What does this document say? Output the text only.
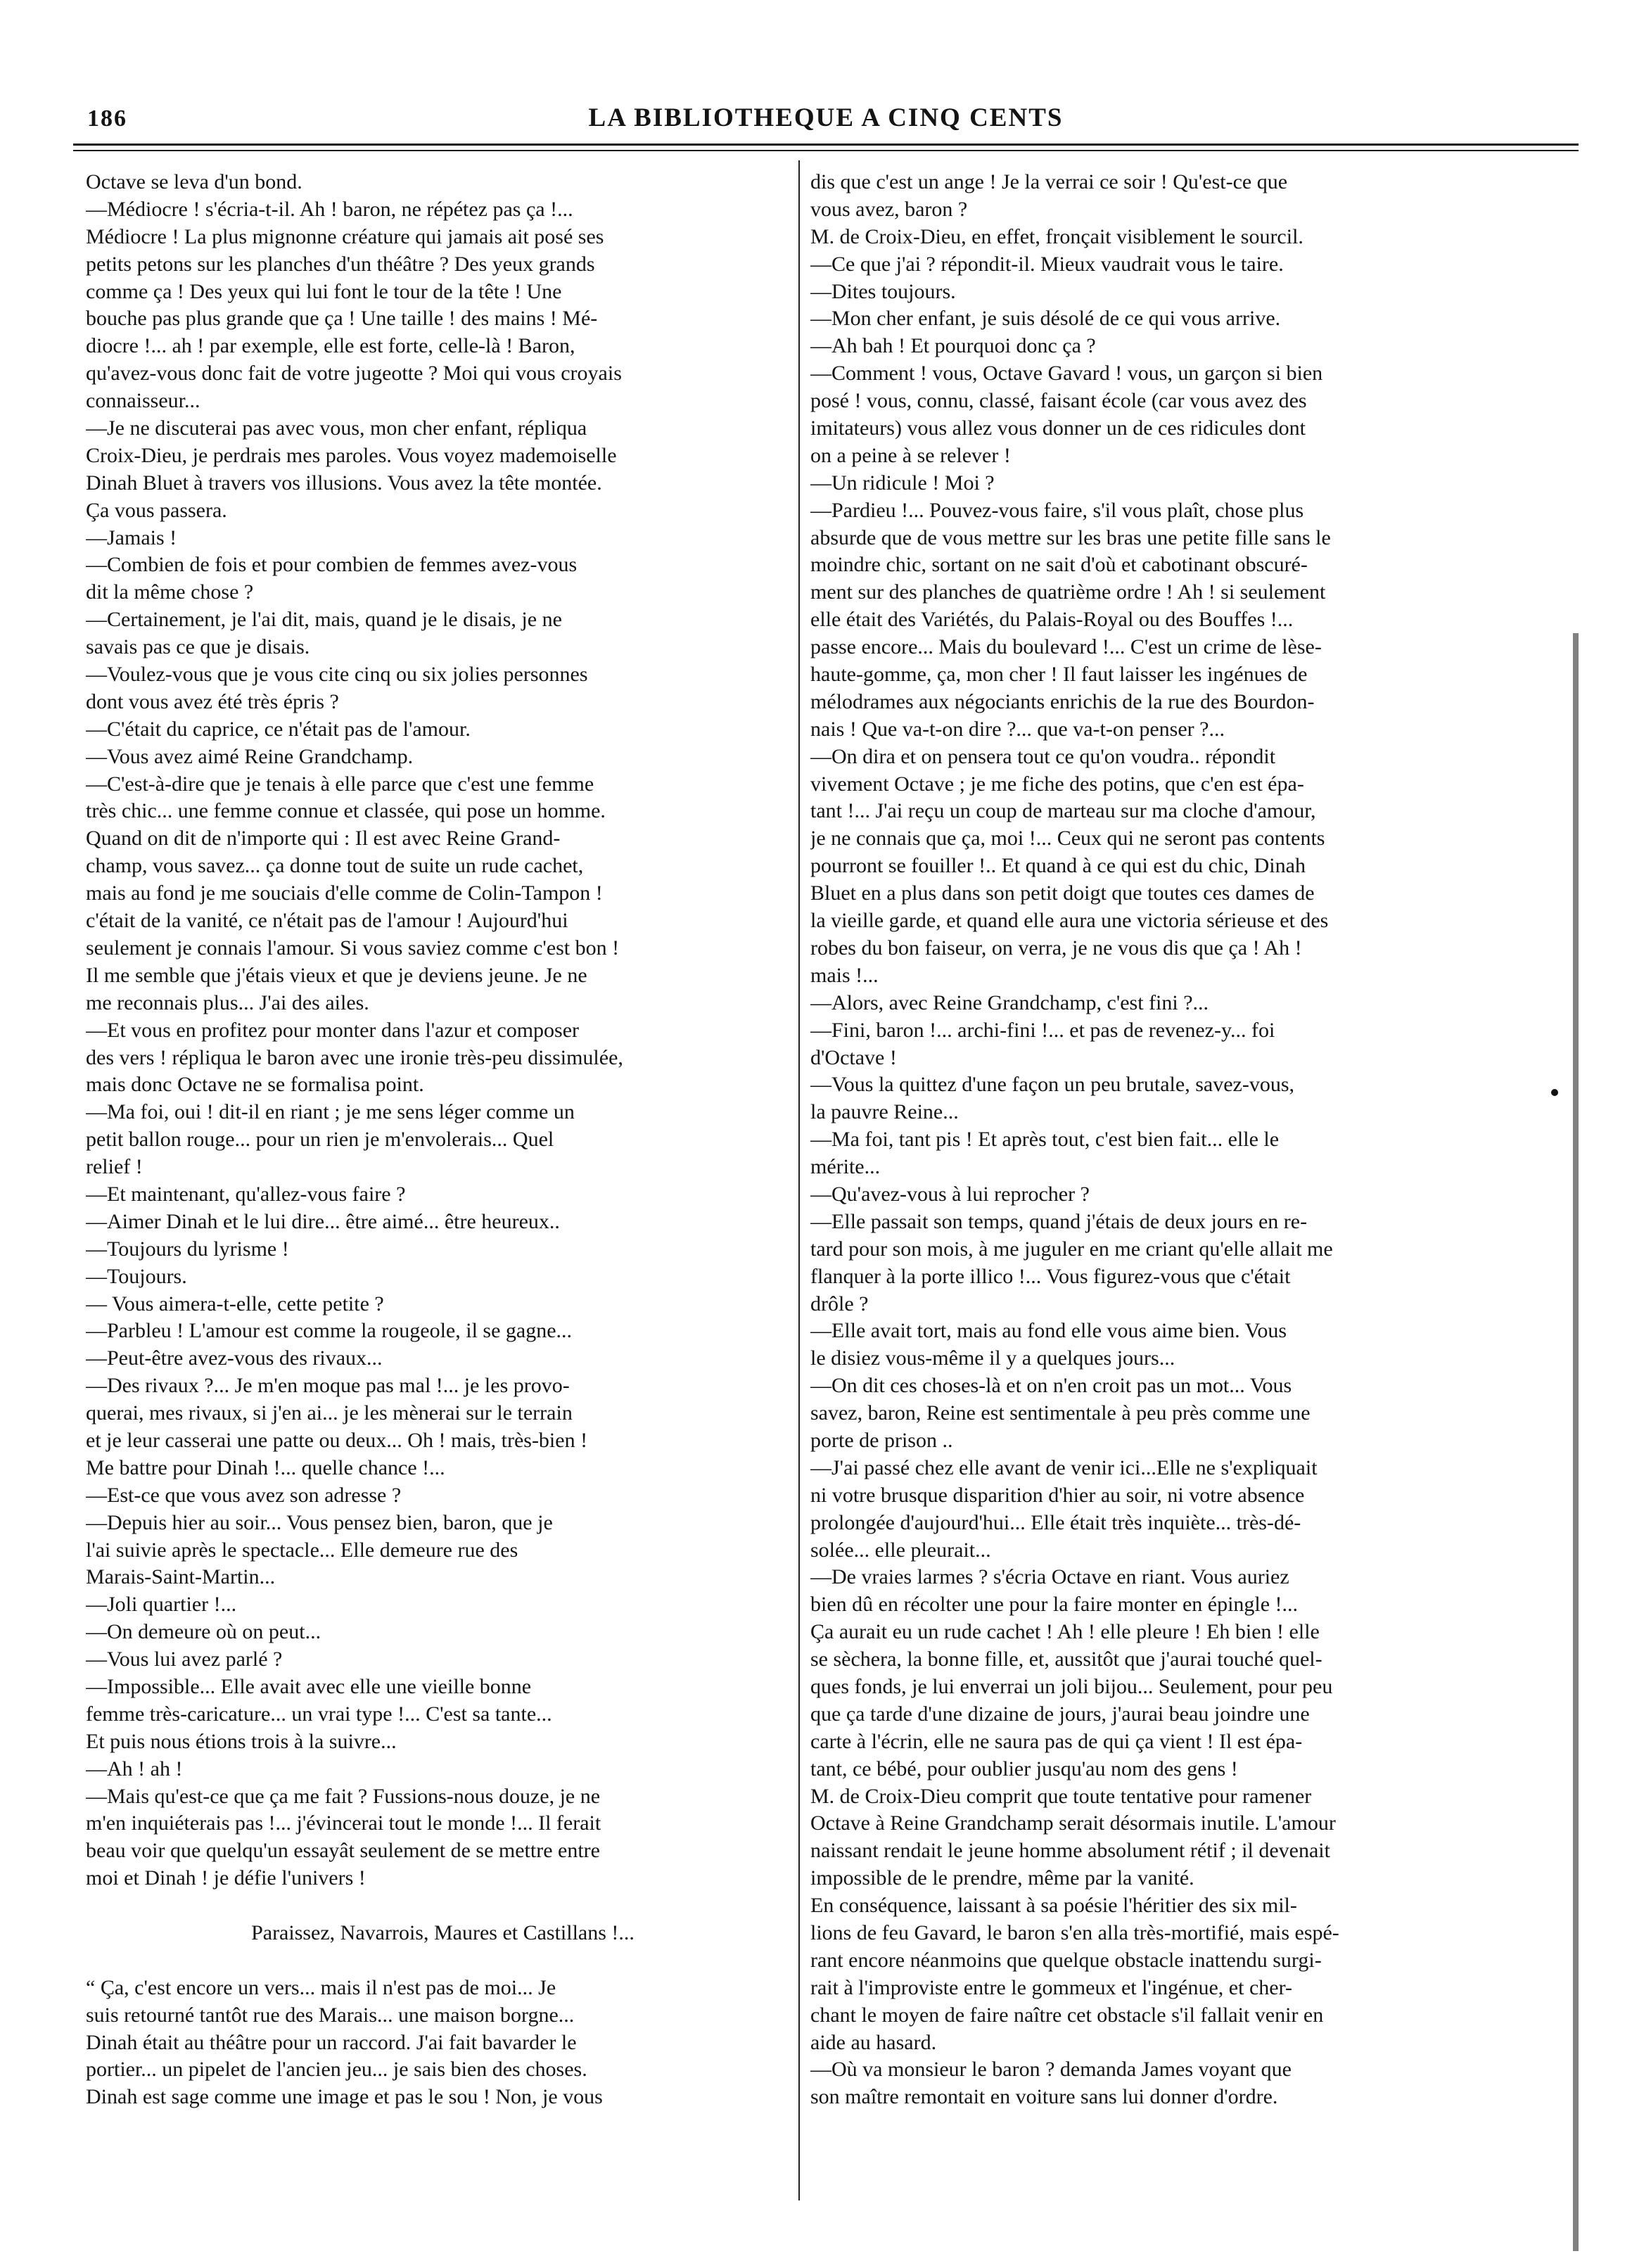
186	LA BIBLIOTHEQUE A CINQ CENTS
Octave se leva d'un bond.
—Médiocre ! s'écria-t-il. Ah ! baron, ne répétez pas ça !...
Médiocre ! La plus mignonne créature qui jamais ait posé ses
petits petons sur les planches d'un théâtre ? Des yeux grands
comme ça ! Des yeux qui lui font le tour de la tête ! Une
bouche pas plus grande que ça ! Une taille ! des mains ! Mé-
diocre !... ah ! par exemple, elle est forte, celle-là ! Baron,
qu'avez-vous donc fait de votre jugeotte ? Moi qui vous croyais
connaisseur...
—Je ne discuterai pas avec vous, mon cher enfant, répliqua
Croix-Dieu, je perdrais mes paroles. Vous voyez mademoiselle
Dinah Bluet à travers vos illusions. Vous avez la tête montée.
Ça vous passera.
—Jamais !
—Combien de fois et pour combien de femmes avez-vous
dit la même chose ?
—Certainement, je l'ai dit, mais, quand je le disais, je ne
savais pas ce que je disais.
—Voulez-vous que je vous cite cinq ou six jolies personnes
dont vous avez été très épris ?
—C'était du caprice, ce n'était pas de l'amour.
—Vous avez aimé Reine Grandchamp.
—C'est-à-dire que je tenais à elle parce que c'est une femme
très chic... une femme connue et classée, qui pose un homme.
Quand on dit de n'importe qui : Il est avec Reine Grand-
champ, vous savez... ça donne tout de suite un rude cachet,
mais au fond je me souciais d'elle comme de Colin-Tampon !
c'était de la vanité, ce n'était pas de l'amour ! Aujourd'hui
seulement je connais l'amour. Si vous saviez comme c'est bon !
Il me semble que j'étais vieux et que je deviens jeune. Je ne
me reconnais plus... J'ai des ailes.
—Et vous en profitez pour monter dans l'azur et composer
des vers ! répliqua le baron avec une ironie très-peu dissimulée,
mais donc Octave ne se formalisa point.
—Ma foi, oui ! dit-il en riant ; je me sens léger comme un
petit ballon rouge... pour un rien je m'envolerais... Quel
relief !
—Et maintenant, qu'allez-vous faire ?
—Aimer Dinah et le lui dire... être aimé... être heureux..
—Toujours du lyrisme !
—Toujours.
— Vous aimera-t-elle, cette petite ?
—Parbleu ! L'amour est comme la rougeole, il se gagne...
—Peut-être avez-vous des rivaux...
—Des rivaux ?... Je m'en moque pas mal !... je les provo-
querai, mes rivaux, si j'en ai... je les mènerai sur le terrain
et je leur casserai une patte ou deux... Oh ! mais, très-bien !
Me battre pour Dinah !... quelle chance !...
—Est-ce que vous avez son adresse ?
—Depuis hier au soir... Vous pensez bien, baron, que je
l'ai suivie après le spectacle... Elle demeure rue des
Marais-Saint-Martin...
—Joli quartier !...
—On demeure où on peut...
—Vous lui avez parlé ?
—Impossible... Elle avait avec elle une vieille bonne
femme très-caricature... un vrai type !... C'est sa tante...
Et puis nous étions trois à la suivre...
—Ah ! ah !
—Mais qu'est-ce que ça me fait ? Fussions-nous douze, je ne
m'en inquiéterais pas !... j'évincerai tout le monde !... Il ferait
beau voir que quelqu'un essayât seulement de se mettre entre
moi et Dinah ! je défie l'univers !
Paraissez, Navarrois, Maures et Castillans !...
“ Ça, c'est encore un vers... mais il n'est pas de moi... Je
suis retourné tantôt rue des Marais... une maison borgne...
Dinah était au théâtre pour un raccord. J'ai fait bavarder le
portier... un pipelet de l'ancien jeu... je sais bien des choses.
Dinah est sage comme une image et pas le sou ! Non, je vous
dis que c'est un ange ! Je la verrai ce soir ! Qu'est-ce que
vous avez, baron ?
M. de Croix-Dieu, en effet, fronçait visiblement le sourcil.
—Ce que j'ai ? répondit-il. Mieux vaudrait vous le taire.
—Dites toujours.
—Mon cher enfant, je suis désolé de ce qui vous arrive.
—Ah bah ! Et pourquoi donc ça ?
—Comment ! vous, Octave Gavard ! vous, un garçon si bien
posé ! vous, connu, classé, faisant école (car vous avez des
imitateurs) vous allez vous donner un de ces ridicules dont
on a peine à se relever !
—Un ridicule ! Moi ?
—Pardieu !... Pouvez-vous faire, s'il vous plaît, chose plus
absurde que de vous mettre sur les bras une petite fille sans le
moindre chic, sortant on ne sait d'où et cabotinant obscuré-
ment sur des planches de quatrième ordre ! Ah ! si seulement
elle était des Variétés, du Palais-Royal ou des Bouffes !...
passe encore... Mais du boulevard !... C'est un crime de lèse-
haute-gomme, ça, mon cher ! Il faut laisser les ingénues de
mélodrames aux négociants enrichis de la rue des Bourdon-
nais ! Que va-t-on dire ?... que va-t-on penser ?...
—On dira et on pensera tout ce qu'on voudra.. répondit
vivement Octave ; je me fiche des potins, que c'en est épa-
tant !... J'ai reçu un coup de marteau sur ma cloche d'amour,
je ne connais que ça, moi !... Ceux qui ne seront pas contents
pourront se fouiller !.. Et quand à ce qui est du chic, Dinah
Bluet en a plus dans son petit doigt que toutes ces dames de
la vieille garde, et quand elle aura une victoria sérieuse et des
robes du bon faiseur, on verra, je ne vous dis que ça ! Ah !
mais !...
—Alors, avec Reine Grandchamp, c'est fini ?...
—Fini, baron !... archi-fini !... et pas de revenez-y... foi
d'Octave !
—Vous la quittez d'une façon un peu brutale, savez-vous,
la pauvre Reine...
—Ma foi, tant pis ! Et après tout, c'est bien fait... elle le
mérite...
—Qu'avez-vous à lui reprocher ?
—Elle passait son temps, quand j'étais de deux jours en re-
tard pour son mois, à me juguler en me criant qu'elle allait me
flanquer à la porte illico !... Vous figurez-vous que c'était
drôle ?
—Elle avait tort, mais au fond elle vous aime bien. Vous
le disiez vous-même il y a quelques jours...
—On dit ces choses-là et on n'en croit pas un mot... Vous
savez, baron, Reine est sentimentale à peu près comme une
porte de prison ..
—J'ai passé chez elle avant de venir ici...Elle ne s'expliquait
ni votre brusque disparition d'hier au soir, ni votre absence
prolongée d'aujourd'hui... Elle était très inquiète... très-dé-
solée... elle pleurait...
—De vraies larmes ? s'écria Octave en riant. Vous auriez
bien dû en récolter une pour la faire monter en épingle !...
Ça aurait eu un rude cachet ! Ah ! elle pleure ! Eh bien ! elle
se sèchera, la bonne fille, et, aussitôt que j'aurai touché quel-
ques fonds, je lui enverrai un joli bijou... Seulement, pour peu
que ça tarde d'une dizaine de jours, j'aurai beau joindre une
carte à l'écrin, elle ne saura pas de qui ça vient ! Il est épa-
tant, ce bébé, pour oublier jusqu'au nom des gens !
M. de Croix-Dieu comprit que toute tentative pour ramener
Octave à Reine Grandchamp serait désormais inutile. L'amour
naissant rendait le jeune homme absolument rétif ; il devenait
impossible de le prendre, même par la vanité.
En conséquence, laissant à sa poésie l'héritier des six mil-
lions de feu Gavard, le baron s'en alla très-mortifié, mais espé-
rant encore néanmoins que quelque obstacle inattendu surgi-
rait à l'improviste entre le gommeux et l'ingénue, et cher-
chant le moyen de faire naître cet obstacle s'il fallait venir en
aide au hasard.
—Où va monsieur le baron ? demanda James voyant que
son maître remontait en voiture sans lui donner d'ordre.
